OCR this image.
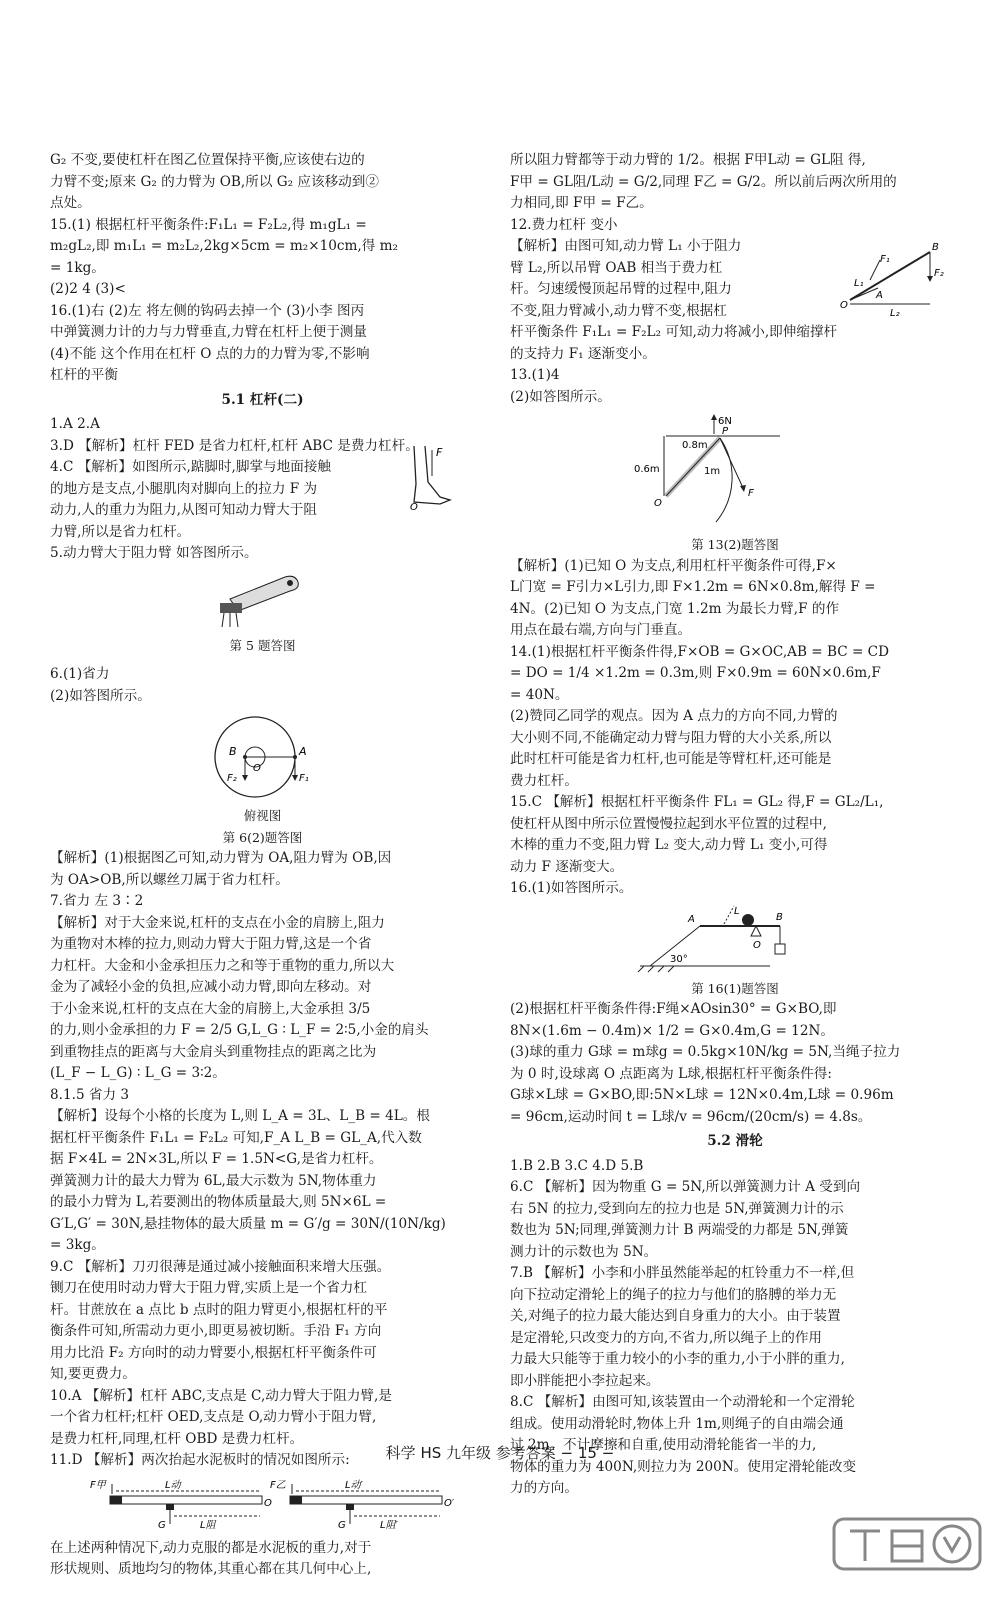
G₂ 不变,要使杠杆在图乙位置保持平衡,应该使右边的
力臂不变;原来 G₂ 的力臂为 OB,所以 G₂ 应该移动到②
点处。
15.(1) 根据杠杆平衡条件:F₁L₁ = F₂L₂,得 m₁gL₁ =
m₂gL₂,即 m₁L₁ = m₂L₂,2kg×5cm = m₂×10cm,得 m₂
= 1kg。
(2)2 4 (3)<
16.(1)右 (2)左 将左侧的钩码去掉一个 (3)小李 图丙
中弹簧测力计的力与力臂垂直,力臂在杠杆上便于测量
(4)不能 这个作用在杠杆 O 点的力的力臂为零,不影响
杠杆的平衡
5.1 杠杆(二)
1.A 2.A
3.D 【解析】杠杆 FED 是省力杠杆,杠杆 ABC 是费力杠杆。
4.C 【解析】如图所示,踮脚时,脚掌与地面接触
的地方是支点,小腿肌肉对脚向上的拉力 F 为
动力,人的重力为阻力,从图可知动力臂大于阻
力臂,所以是省力杠杆。
5.动力臂大于阻力臂 如答图所示。
F
O
第 5 题答图
6.(1)省力
(2)如答图所示。
B	A
O
F₂	F₁
俯视图
第 6(2)题答图
【解析】(1)根据图乙可知,动力臂为 OA,阻力臂为 OB,因
为 OA>OB,所以螺丝刀属于省力杠杆。
7.省力 左 3∶2
【解析】对于大金来说,杠杆的支点在小金的肩膀上,阻力
为重物对木棒的拉力,则动力臂大于阻力臂,这是一个省
力杠杆。大金和小金承担压力之和等于重物的重力,所以大
金为了减轻小金的负担,应减小动力臂,即向左移动。对
于小金来说,杠杆的支点在大金的肩膀上,大金承担 3/5
的力,则小金承担的力 F = 2/5 G,L_G ∶ L_F = 2∶5,小金的肩头
到重物挂点的距离与大金肩头到重物挂点的距离之比为
(L_F − L_G) ∶ L_G = 3∶2。
8.1.5 省力 3
【解析】设每个小格的长度为 L,则 L_A = 3L、L_B = 4L。根
据杠杆平衡条件 F₁L₁ = F₂L₂ 可知,F_A L_B = GL_A,代入数
据 F×4L = 2N×3L,所以 F = 1.5N<G,是省力杠杆。
弹簧测力计的最大力臂为 6L,最大示数为 5N,物体重力
的最小力臂为 L,若要测出的物体质量最大,则 5N×6L =
G′L,G′ = 30N,悬挂物体的最大质量 m = G′/g = 30N/(10N/kg)
= 3kg。
9.C 【解析】刀刃很薄是通过减小接触面积来增大压强。
铡刀在使用时动力臂大于阻力臂,实质上是一个省力杠
杆。甘蔗放在 a 点比 b 点时的阻力臂更小,根据杠杆的平
衡条件可知,所需动力更小,即更易被切断。手沿 F₁ 方向
用力比沿 F₂ 方向时的动力臂要小,根据杠杆平衡条件可
知,要更费力。
10.A 【解析】杠杆 ABC,支点是 C,动力臂大于阻力臂,是
一个省力杠杆;杠杆 OED,支点是 O,动力臂小于阻力臂,
是费力杠杆,同理,杠杆 OBD 是费力杠杆。
11.D 【解析】两次抬起水泥板时的情况如图所示:
F甲	L动
G	L阻
O
F乙	L动′
G	L阻′
O′
在上述两种情况下,动力克服的都是水泥板的重力,对于
形状规则、质地均匀的物体,其重心都在其几何中心上,
所以阻力臂都等于动力臂的 1/2。根据 F甲L动 = GL阻 得,
F甲 = GL阻/L动 = G/2,同理 F乙 = G/2。所以前后两次所用的
力相同,即 F甲 = F乙。
12.费力杠杆 变小
【解析】由图可知,动力臂 L₁ 小于阻力
臂 L₂,所以吊臂 OAB 相当于费力杠
杆。匀速缓慢顶起吊臂的过程中,阻力
不变,阻力臂减小,动力臂不变,根据杠
杆平衡条件 F₁L₁ = F₂L₂ 可知,动力将减小,即伸缩撑杆
的支持力 F₁ 逐渐变小。
13.(1)4
(2)如答图所示。
B
F₁
F₂
L₁
A
O
L₂
6N
0.8m
0.6m	1m
F
O
P
第 13(2)题答图
【解析】(1)已知 O 为支点,利用杠杆平衡条件可得,F×
L门宽 = F引力×L引力,即 F×1.2m = 6N×0.8m,解得 F =
4N。(2)已知 O 为支点,门宽 1.2m 为最长力臂,F 的作
用点在最右端,方向与门垂直。
14.(1)根据杠杆平衡条件得,F×OB = G×OC,AB = BC = CD
= DO = 1/4 ×1.2m = 0.3m,则 F×0.9m = 60N×0.6m,F
= 40N。
(2)赞同乙同学的观点。因为 A 点力的方向不同,力臂的
大小则不同,不能确定动力臂与阻力臂的大小关系,所以
此时杠杆可能是省力杠杆,也可能是等臂杠杆,还可能是
费力杠杆。
15.C 【解析】根据杠杆平衡条件 FL₁ = GL₂ 得,F = GL₂/L₁,
使杠杆从图中所示位置慢慢拉起到水平位置的过程中,
木棒的重力不变,阻力臂 L₂ 变大,动力臂 L₁ 变小,可得
动力 F 逐渐变大。
16.(1)如答图所示。
30°
A
O
B
L
第 16(1)题答图
(2)根据杠杆平衡条件得:F绳×AOsin30° = G×BO,即
8N×(1.6m − 0.4m)× 1/2 = G×0.4m,G = 12N。
(3)球的重力 G球 = m球g = 0.5kg×10N/kg = 5N,当绳子拉力
为 0 时,设球离 O 点距离为 L球,根据杠杆平衡条件得:
G球×L球 = G×BO,即:5N×L球 = 12N×0.4m,L球 = 0.96m
= 96cm,运动时间 t = L球/v = 96cm/(20cm/s) = 4.8s。
5.2 滑轮
1.B 2.B 3.C 4.D 5.B
6.C 【解析】因为物重 G = 5N,所以弹簧测力计 A 受到向
右 5N 的拉力,受到向左的拉力也是 5N,弹簧测力计的示
数也为 5N;同理,弹簧测力计 B 两端受的力都是 5N,弹簧
测力计的示数也为 5N。
7.B 【解析】小李和小胖虽然能举起的杠铃重力不一样,但
向下拉动定滑轮上的绳子的拉力与他们的胳膊的举力无
关,对绳子的拉力最大能达到自身重力的大小。由于装置
是定滑轮,只改变力的方向,不省力,所以绳子上的作用
力最大只能等于重力较小的小李的重力,小于小胖的重力,
即小胖能把小李拉起来。
8.C 【解析】由图可知,该装置由一个动滑轮和一个定滑轮
组成。使用动滑轮时,物体上升 1m,则绳子的自由端会通
过 2m。不计摩擦和自重,使用动滑轮能省一半的力,
物体的重力为 400N,则拉力为 200N。使用定滑轮能改变
力的方向。
科学 HS 九年级 参考答案 − 15 −
